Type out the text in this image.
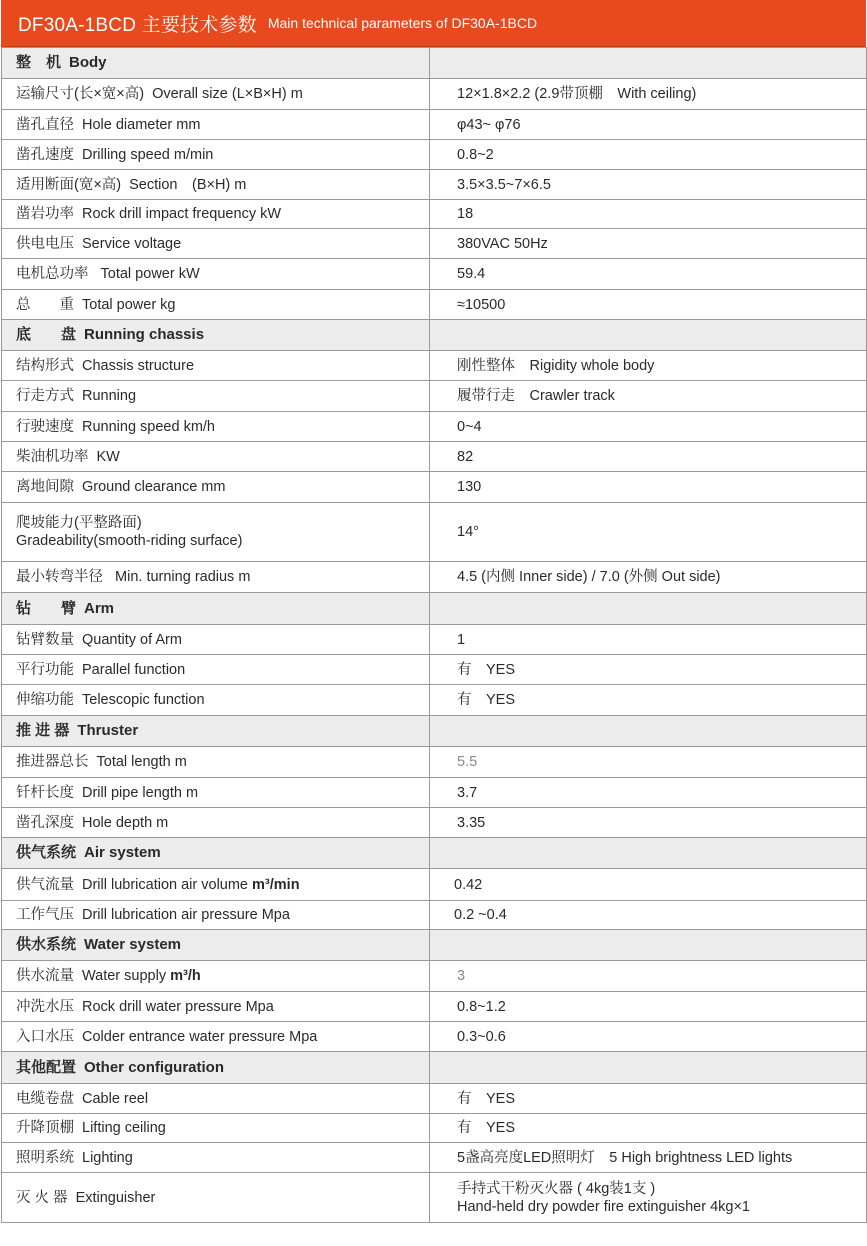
DF30A-1BCD 主要技术参数 Main technical parameters of DF30A-1BCD
整　机 Body	
运输尺寸(长×宽×高) Overall size (L×B×H) m	12×1.8×2.2 (2.9带顶棚　With ceiling)
凿孔直径 Hole diameter mm	φ43~ φ76
凿孔速度 Drilling speed m/min	0.8~2
适用断面(宽×高) Section　(B×H) m	3.5×3.5~7×6.5
凿岩功率 Rock drill impact frequency kW	18
供电电压 Service voltage	380VAC 50Hz
电机总功率 Total power kW	59.4
总　　重 Total power kg	≈10500
底　　盘 Running chassis	
结构形式 Chassis structure	刚性整体　Rigidity whole body
行走方式 Running	履带行走　Crawler track
行驶速度 Running speed km/h	0~4
柴油机功率 KW	82
离地间隙 Ground clearance mm	130

爬坡能力(平整路面)
Gradeability(smooth-riding surface)	14°
最小转弯半径 Min. turning radius m	4.5 (内侧 Inner side) / 7.0 (外侧 Out side)
钻　　臂 Arm	
钻臂数量 Quantity of Arm	1
平行功能 Parallel function	有　YES
伸缩功能 Telescopic function	有　YES
推 进 器 Thruster	
推进器总长 Total length m	5.5
钎杆长度 Drill pipe length m	3.7
凿孔深度 Hole depth m	3.35
供气系统 Air system	
供气流量 Drill lubrication air volume m³/min	0.42
工作气压 Drill lubrication air pressure Mpa	0.2 ~0.4
供水系统 Water system	
供水流量 Water supply m³/h	3
冲洗水压 Rock drill water pressure Mpa	0.8~1.2
入口水压 Colder entrance water pressure Mpa	0.3~0.6
其他配置 Other configuration	
电缆卷盘 Cable reel	有　YES
升降顶棚 Lifting ceiling	有　YES
照明系统 Lighting	5盏高亮度LED照明灯　5 High brightness LED lights
灭 火 器 Extinguisher	手持式干粉灭火器 ( 4kg装1支 )
Hand-held dry powder fire extinguisher 4kg×1
